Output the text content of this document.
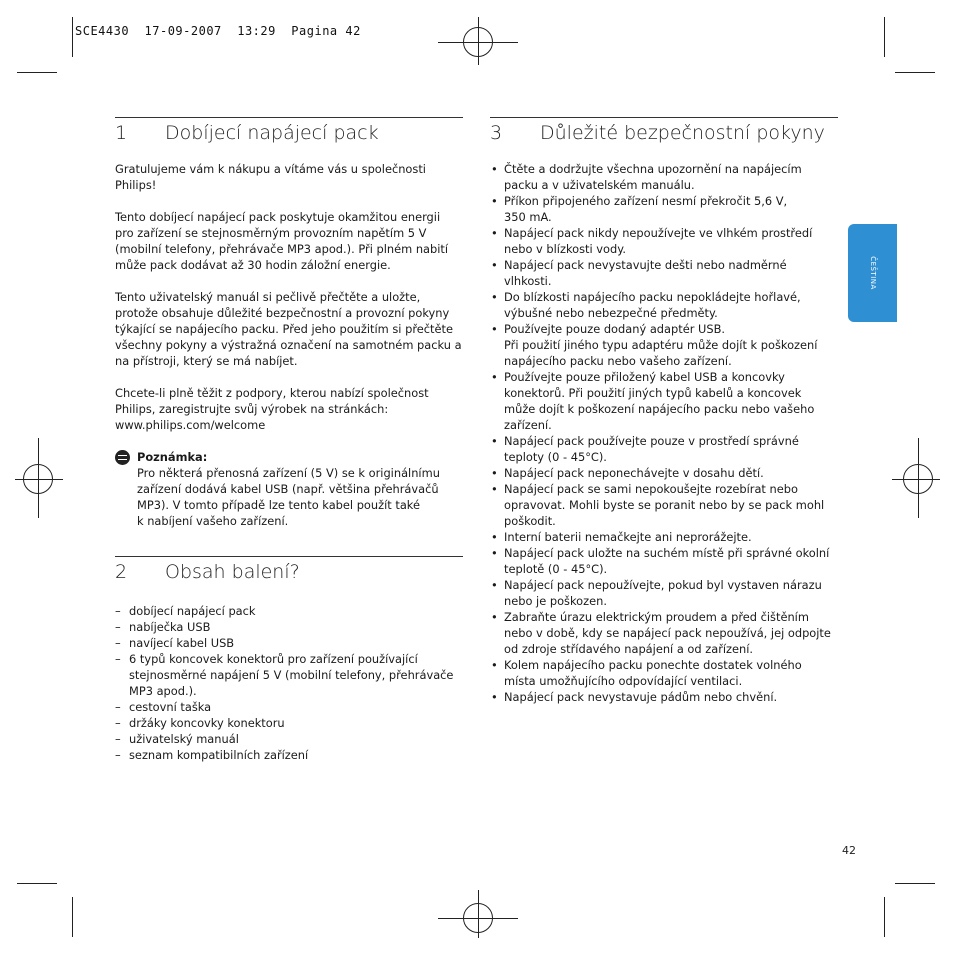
SCE4430  17-09-2007  13:29  Pagina 42
ČEŠTINA
1	Dobíjecí napájecí pack

Gratulujeme vám k nákupu a vítáme vás u společnosti
Philips!

Tento dobíjecí napájecí pack poskytuje okamžitou energii
pro zařízení se stejnosměrným provozním napětím 5 V
(mobilní telefony, přehrávače MP3 apod.). Při plném nabití
může pack dodávat až 30 hodin záložní energie.

Tento uživatelský manuál si pečlivě přečtěte a uložte,
protože obsahuje důležité bezpečnostní a provozní pokyny
týkající se napájecího packu. Před jeho použitím si přečtěte
všechny pokyny a výstražná označení na samotném packu a
na přístroji, který se má nabíjet.

Chcete-li plně těžit z podpory, kterou nabízí společnost
Philips, zaregistrujte svůj výrobek na stránkách:
www.philips.com/welcome

Poznámka:
Pro některá přenosná zařízení (5 V) se k originálnímu
zařízení dodává kabel USB (např. většina přehrávačů
MP3). V tomto případě lze tento kabel použít také
k nabíjení vašeho zařízení.
2	Obsah balení?
– dobíjecí napájecí pack
– nabíječka USB
– navíjecí kabel USB
– 6 typů koncovek konektorů pro zařízení používající
stejnosměrné napájení 5 V (mobilní telefony, přehrávače
MP3 apod.).
– cestovní taška
– držáky koncovky konektoru
– uživatelský manuál
– seznam kompatibilních zařízení
3	Důležité bezpečnostní pokyny
• Čtěte a dodržujte všechna upozornění na napájecím
packu a v uživatelském manuálu.
• Příkon připojeného zařízení nesmí překročit 5,6 V,
350 mA.
• Napájecí pack nikdy nepoužívejte ve vlhkém prostředí
nebo v blízkosti vody.
• Napájecí pack nevystavujte dešti nebo nadměrné
vlhkosti.
• Do blízkosti napájecího packu nepokládejte hořlavé,
výbušné nebo nebezpečné předměty.
• Používejte pouze dodaný adaptér USB.
Při použití jiného typu adaptéru může dojít k poškození
napájecího packu nebo vašeho zařízení.
• Používejte pouze přiložený kabel USB a koncovky
konektorů. Při použití jiných typů kabelů a koncovek
může dojít k poškození napájecího packu nebo vašeho
zařízení.
• Napájecí pack používejte pouze v prostředí správné
teploty (0 - 45°C).
• Napájecí pack neponechávejte v dosahu dětí.
• Napájecí pack se sami nepokoušejte rozebírat nebo
opravovat. Mohli byste se poranit nebo by se pack mohl
poškodit.
• Interní baterii nemačkejte ani neprorážejte.
• Napájecí pack uložte na suchém místě při správné okolní
teplotě (0 - 45°C).
• Napájecí pack nepoužívejte, pokud byl vystaven nárazu
nebo je poškozen.
• Zabraňte úrazu elektrickým proudem a před čištěním
nebo v době, kdy se napájecí pack nepoužívá, jej odpojte
od zdroje střídavého napájení a od zařízení.
• Kolem napájecího packu ponechte dostatek volného
místa umožňujícího odpovídající ventilaci.
• Napájecí pack nevystavuje pádům nebo chvění.
42
